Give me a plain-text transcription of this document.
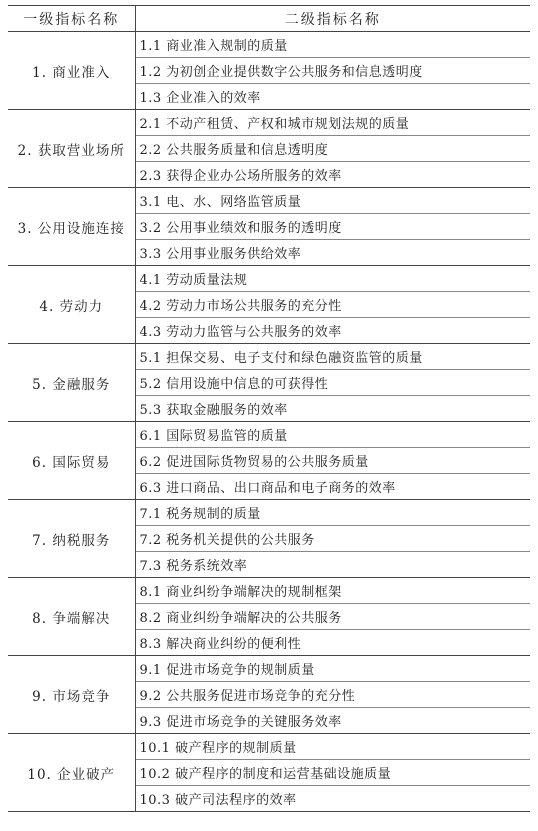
一级指标名称	二级指标名称
1. 商业准入	1.1 商业准入规制的质量
	1.2 为初创企业提供数字公共服务和信息透明度
	1.3 企业准入的效率
2. 获取营业场所	2.1 不动产租赁、产权和城市规划法规的质量
	2.2 公共服务质量和信息透明度
	2.3 获得企业办公场所服务的效率
3. 公用设施连接	3.1 电、水、网络监管质量
	3.2 公用事业绩效和服务的透明度
	3.3 公用事业服务供给效率
4. 劳动力	4.1 劳动质量法规
	4.2 劳动力市场公共服务的充分性
	4.3 劳动力监管与公共服务的效率
5. 金融服务	5.1 担保交易、电子支付和绿色融资监管的质量
	5.2 信用设施中信息的可获得性
	5.3 获取金融服务的效率
6. 国际贸易	6.1 国际贸易监管的质量
	6.2 促进国际货物贸易的公共服务质量
	6.3 进口商品、出口商品和电子商务的效率
7. 纳税服务	7.1 税务规制的质量
	7.2 税务机关提供的公共服务
	7.3 税务系统效率
8. 争端解决	8.1 商业纠纷争端解决的规制框架
	8.2 商业纠纷争端解决的公共服务
	8.3 解决商业纠纷的便利性
9. 市场竞争	9.1 促进市场竞争的规制质量
	9.2 公共服务促进市场竞争的充分性
	9.3 促进市场竞争的关键服务效率
10. 企业破产	10.1 破产程序的规制质量
	10.2 破产程序的制度和运营基础设施质量
	10.3 破产司法程序的效率
